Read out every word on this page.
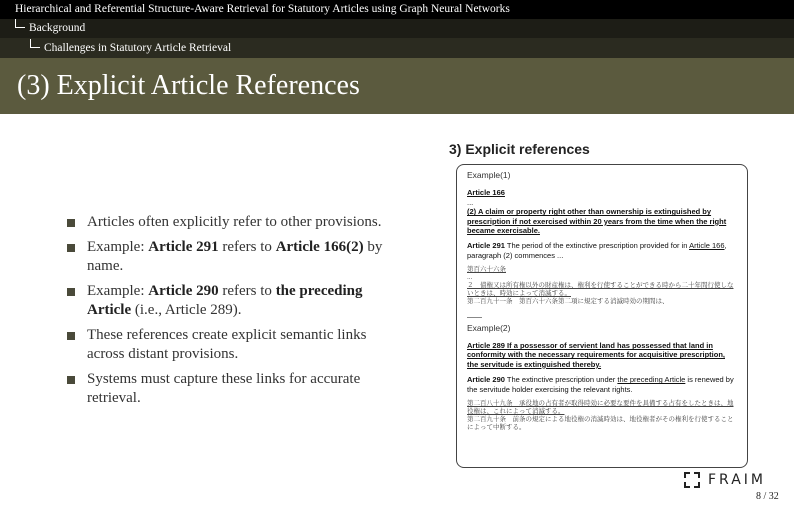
Hierarchical and Referential Structure-Aware Retrieval for Statutory Articles using Graph Neural Networks
Background
Challenges in Statutory Article Retrieval
(3) Explicit Article References
Articles often explicitly refer to other provisions.
Example: Article 291 refers to Article 166(2) by name.
Example: Article 290 refers to the preceding Article (i.e., Article 289).
These references create explicit semantic links across distant provisions.
Systems must capture these links for accurate retrieval.
3) Explicit references
Example(1)
Article 166
...
(2) A claim or property right other than ownership is extinguished by prescription if not exercised within 20 years from the time when the right became exercisable.
Article 291 The period of the extinctive prescription provided for in Article 166, paragraph (2) commences ...
第百六十六条
...
２　債権又は所有権以外の財産権は、権利を行使することができる時から二十年間行使しないときは、時効によって消滅する。
第二百九十一条　第百六十六条第二項に規定する消滅時効の期間は、
——
Example(2)
Article 289 If a possessor of servient land has possessed that land in conformity with the necessary requirements for acquisitive prescription, the servitude is extinguished thereby.
Article 290 The extinctive prescription under the preceding Article is renewed by the servitude holder exercising the relevant rights.
第二百八十九条　承役地の占有者が取得時効に必要な要件を具備する占有をしたときは、地役権は、これによって消滅する。
第二百九十条　前条の規定による地役権の消滅時効は、地役権者がその権利を行使することによって中断する。
FRAIM
8 / 32
